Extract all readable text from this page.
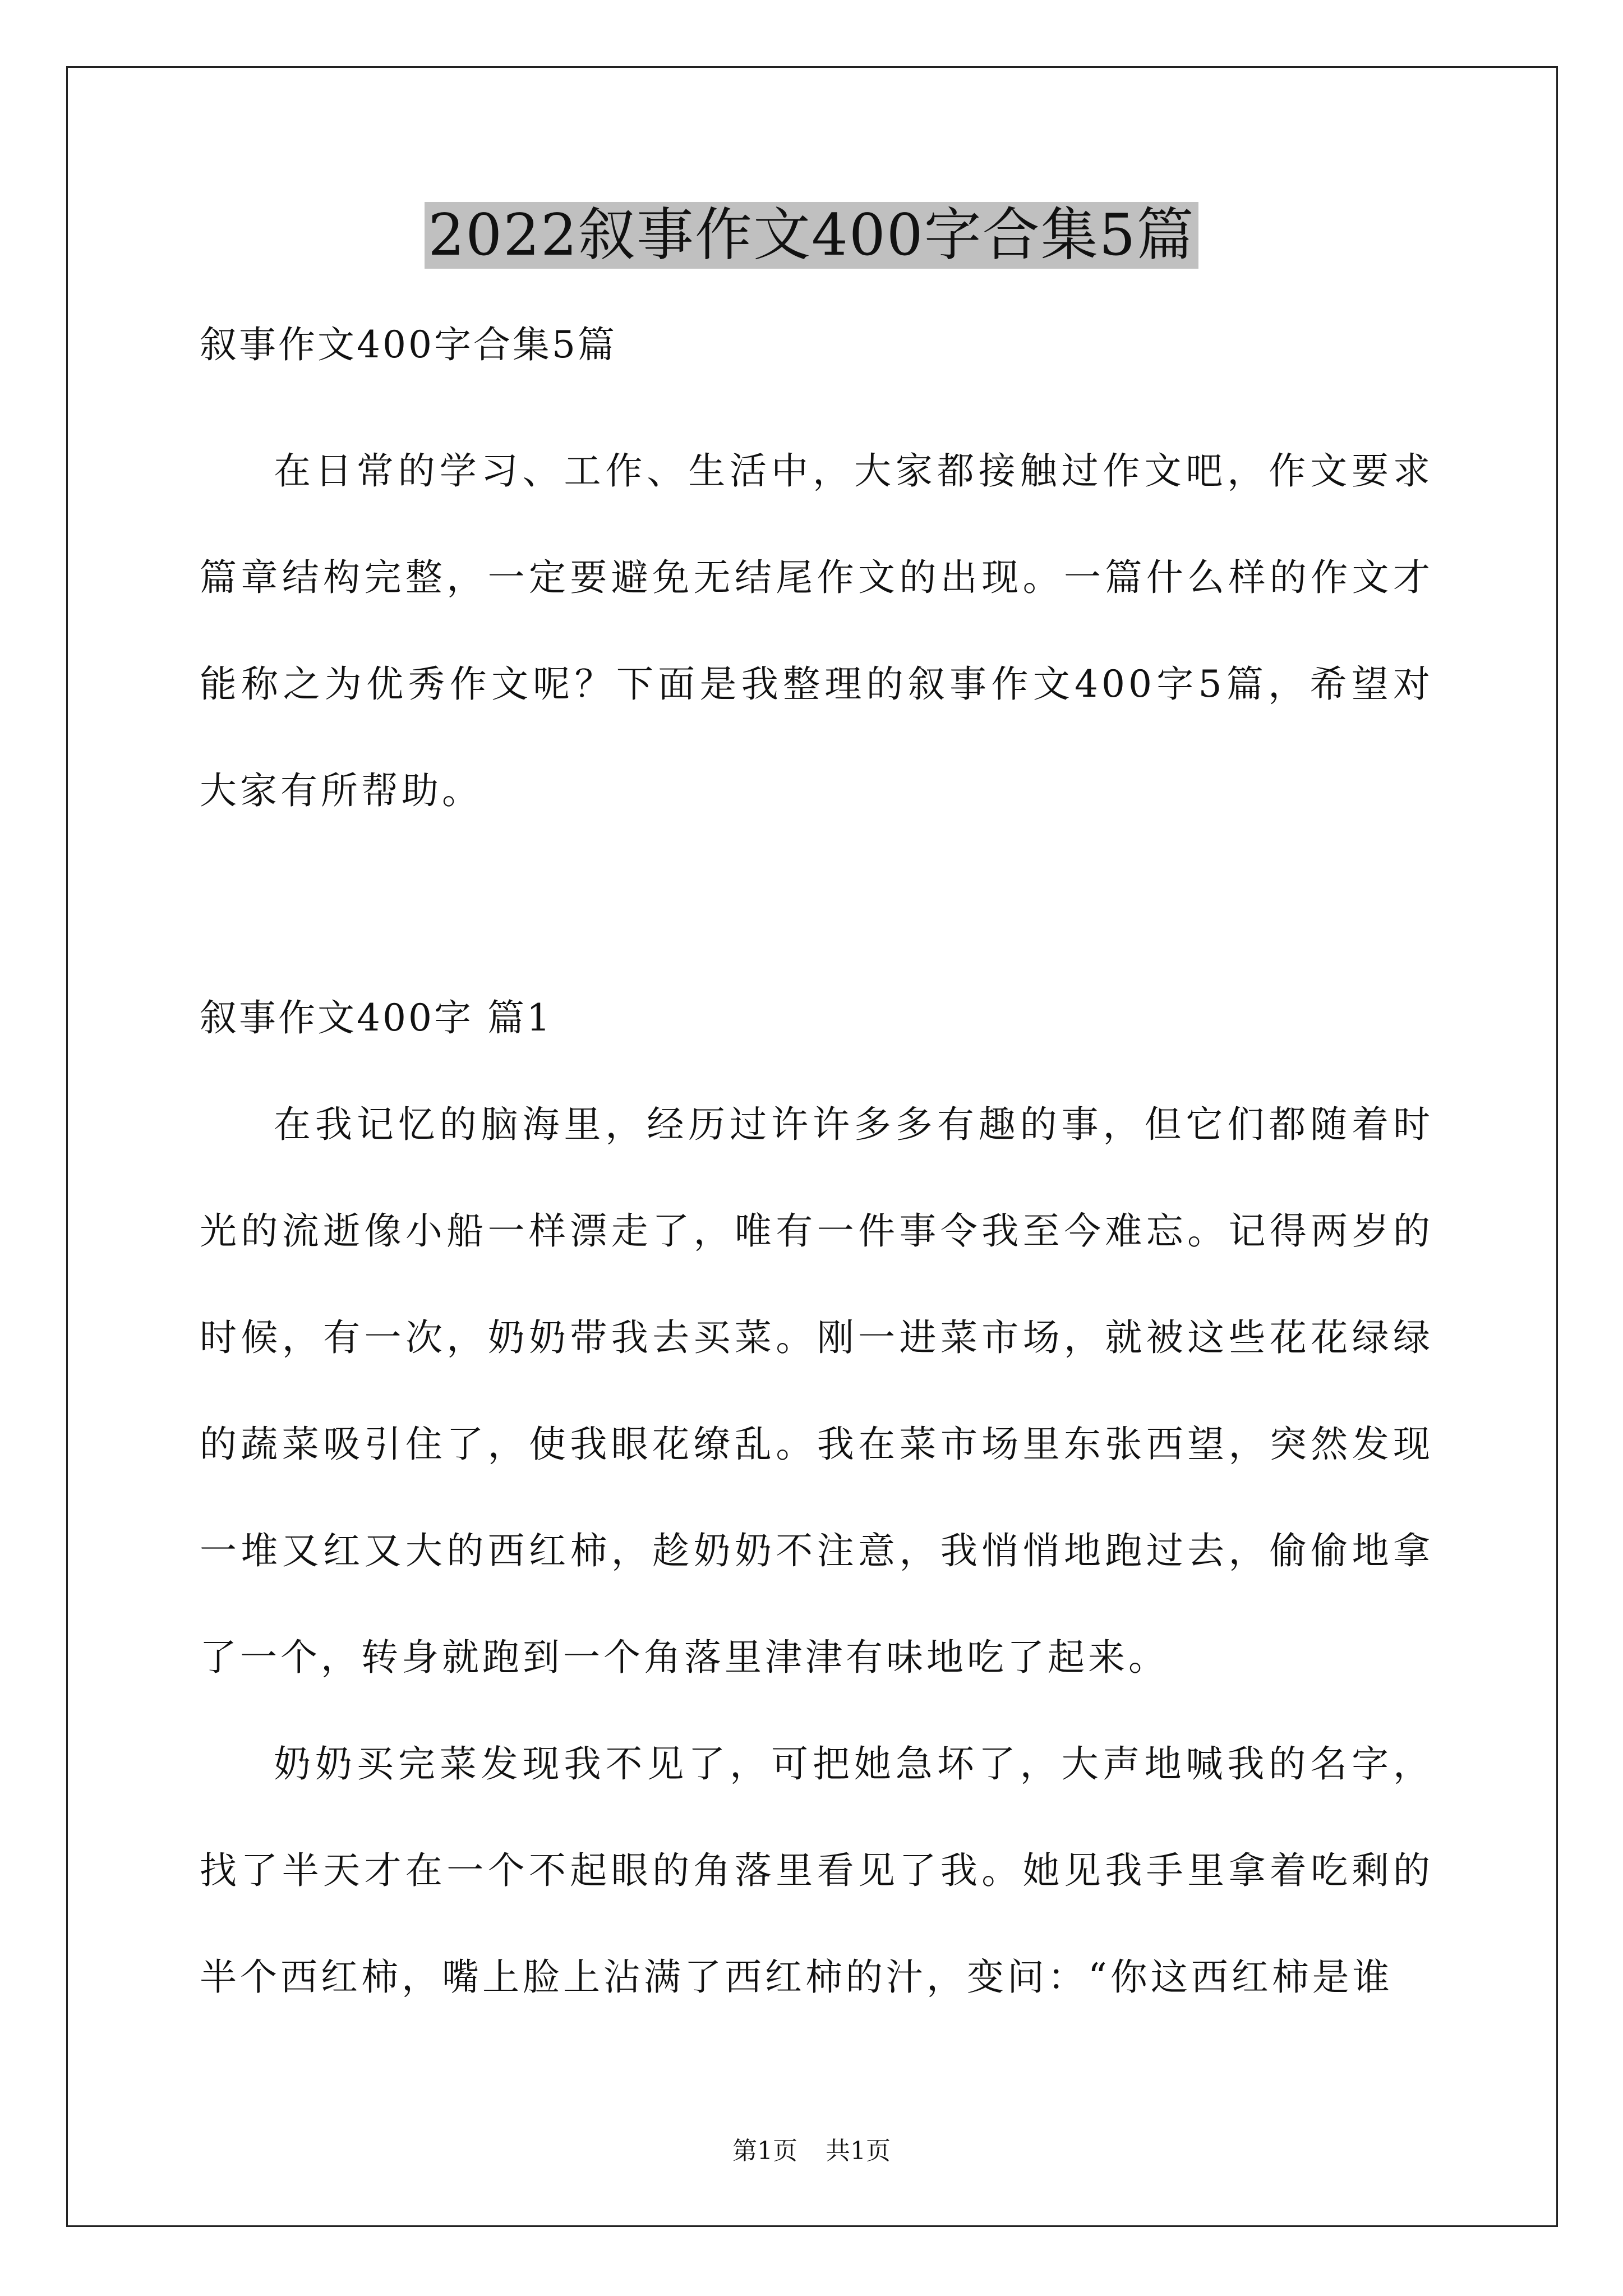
2022叙事作文400字合集5篇
叙事作文400字合集5篇

在日常的学习、工作、生活中，大家都接触过作文吧，作文要求篇章结构完整，一定要避免无结尾作文的出现。一篇什么样的作文才能称之为优秀作文呢？下面是我整理的叙事作文400字5篇，希望对大家有所帮助。

叙事作文400字 篇1

在我记忆的脑海里，经历过许许多多有趣的事，但它们都随着时光的流逝像小船一样漂走了，唯有一件事令我至今难忘。记得两岁的时候，有一次，奶奶带我去买菜。刚一进菜市场，就被这些花花绿绿的蔬菜吸引住了，使我眼花缭乱。我在菜市场里东张西望，突然发现一堆又红又大的西红柿，趁奶奶不注意，我悄悄地跑过去，偷偷地拿了一个，转身就跑到一个角落里津津有味地吃了起来。

奶奶买完菜发现我不见了，可把她急坏了，大声地喊我的名字，找了半天才在一个不起眼的角落里看见了我。她见我手里拿着吃剩的半个西红柿，嘴上脸上沾满了西红柿的汁，变问：“你这西红柿是谁

第1页 共1页
